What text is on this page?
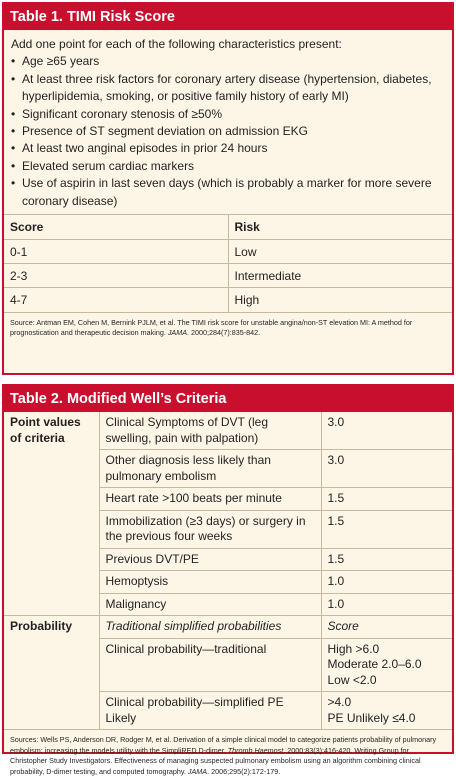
Table 1. TIMI Risk Score
Add one point for each of the following characteristics present:
• Age ≥65 years
• At least three risk factors for coronary artery disease (hypertension, diabetes, hyperlipidemia, smoking, or positive family history of early MI)
• Significant coronary stenosis of ≥50%
• Presence of ST segment deviation on admission EKG
• At least two anginal episodes in prior 24 hours
• Elevated serum cardiac markers
• Use of aspirin in last seven days (which is probably a marker for more severe coronary disease)
Score	Risk
0-1	Low
2-3	Intermediate
4-7	High
Source: Antman EM, Cohen M, Bernink PJLM, et al. The TIMI risk score for unstable angina/non-ST elevation MI: A method for prognostication and therapeutic decision making. JAMA. 2000;284(7):835-842.
Table 2. Modified Well’s Criteria
Point values of criteria	Clinical Symptoms of DVT (leg swelling, pain with palpation)	3.0
	Other diagnosis less likely than pulmonary embolism	3.0
	Heart rate >100 beats per minute	1.5
	Immobilization (≥3 days) or surgery in the previous four weeks	1.5
	Previous DVT/PE	1.5
	Hemoptysis	1.0
	Malignancy	1.0
Probability	Traditional simplified probabilities	Score
	Clinical probability—traditional	High >6.0
Moderate 2.0–6.0
Low <2.0
	Clinical probability—simplified PE Likely	>4.0
PE Unlikely ≤4.0
Sources: Wells PS, Anderson DR, Rodger M, et al. Derivation of a simple clinical model to categorize patients probability of pulmonary embolism: increasing the models utility with the SimpliRED D-dimer. Thromb Haemost. 2000;83(3):416-420. Writing Group for Christopher Study Investigators. Effectiveness of managing suspected pulmonary embolism using an algorithm combining clinical probability, D-dimer testing, and computed tomography. JAMA. 2006;295(2):172-179.
